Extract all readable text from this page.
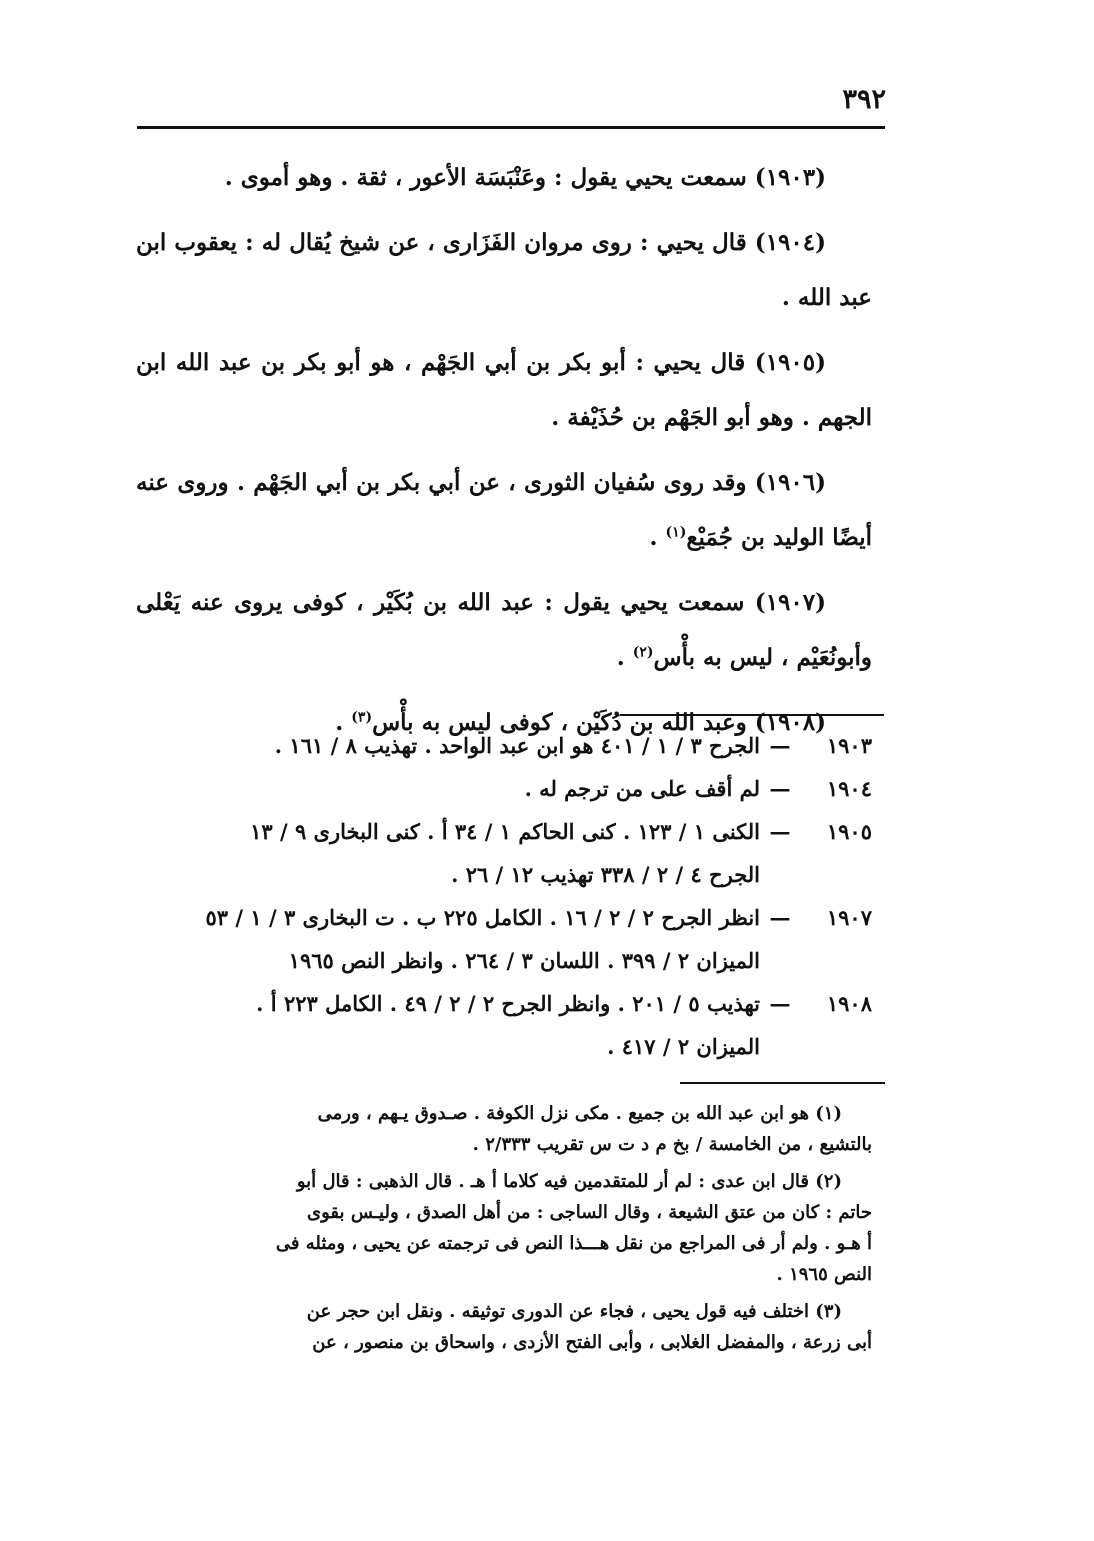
٣٩٢

(١٩٠٣) سمعت يحيي يقول : وعَنْبَسَة الأعور ، ثقة . وهو أموى .

(١٩٠٤) قال يحيي : روى مروان الفَزَارى ، عن شيخ يُقال له : يعقوب ابن عبد الله .

(١٩٠٥) قال يحيي : أبو بكر بن أبي الجَهْم ، هو أبو بكر بن عبد الله ابن الجهم . وهو أبو الجَهْم بن حُذَيْفة .

(١٩٠٦) وقد روى سُفيان الثورى ، عن أبي بكر بن أبي الجَهْم . وروى عنه أيضًا الوليد بن جُمَيْع$^{(١)}$ .

(١٩٠٧) سمعت يحيي يقول : عبد الله بن بُكَيْر ، كوفى يروى عنه يَعْلى وأبونُعَيْم ، ليس به بأْس$^{(٢)}$ .

(١٩٠٨) وعبد الله بن دُكَيْن ، كوفى ليس به بأْس$^{(٣)}$ .

١٩٠٣
—
الجرح ٣ / ١ / ٤٠١ هو ابن عبد الواحد . تهذيب ٨ / ١٦١ .
١٩٠٤
—
لم أقف على من ترجم له .
١٩٠٥
—
الكنى ١ / ١٢٣ . كنى الحاكم ١ / ٣٤ أ . كنى البخارى ٩ / ١٣
الجرح ٤ / ٢ / ٣٣٨ تهذيب ١٢ / ٢٦ .
١٩٠٧
—
انظر الجرح ٢ / ٢ / ١٦ . الكامل ٢٢٥ ب . ت البخارى ٣ / ١ / ٥٣
الميزان ٢ / ٣٩٩ . اللسان ٣ / ٢٦٤ . وانظر النص ١٩٦٥
١٩٠٨
—
تهذيب ٥ / ٢٠١ . وانظر الجرح ٢ / ٢ / ٤٩ . الكامل ٢٢٣ أ .
الميزان ٢ / ٤١٧ .
(١) هو ابن عبد الله بن جميع . مكى نزل الكوفة . صـدوق يـهم ، ورمى
بالتشيع ، من الخامسة / بخ م د ت س تقريب ٢/٣٣٣ .
(٢) قال ابن عدى : لم أر للمتقدمين فيه كلاما أ هـ . قال الذهبى : قال أبو
حاتم : كان من عتق الشيعة ، وقال الساجى : من أهل الصدق ، وليـس بقوى
أ هـو . ولم أر فى المراجع من نقل هـــذا النص فى ترجمته عن يحيى ، ومثله فى
النص ١٩٦٥ .
(٣) اختلف فيه قول يحيى ، فجاء عن الدورى توثيقه . ونقل ابن حجر عن
أبى زرعة ، والمفضل الغلابى ، وأبى الفتح الأزدى ، واسحاق بن منصور ، عن
